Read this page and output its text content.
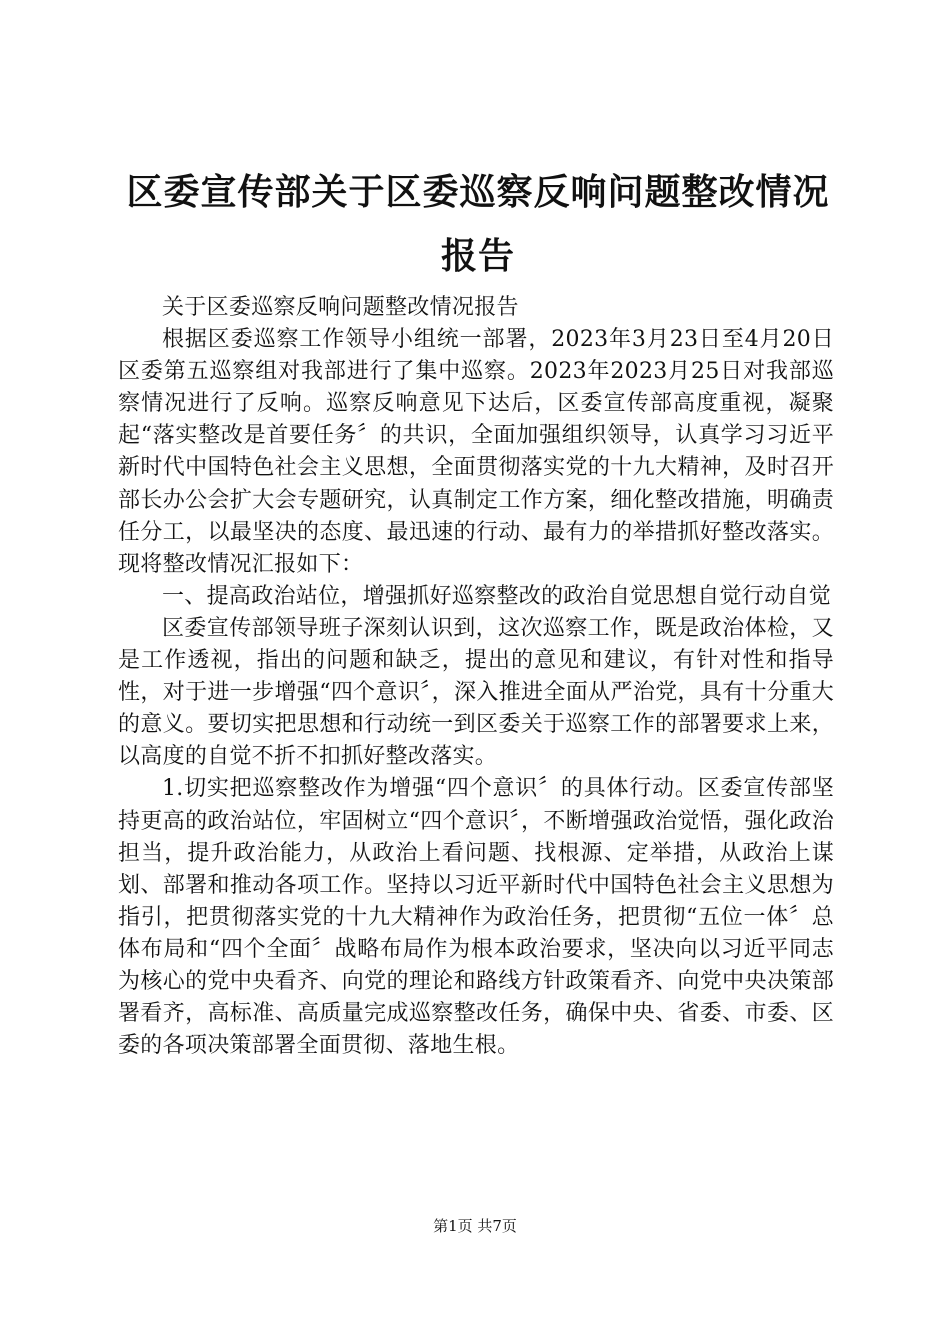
区委宣传部关于区委巡察反响问题整改情况报告

关于区委巡察反响问题整改情况报告

根据区委巡察工作领导小组统一部署，2023年3月23日至4月20日区委第五巡察组对我部进行了集中巡察。2023年2023月25日对我部巡察情况进行了反响。巡察反响意见下达后，区委宣传部高度重视，凝聚起“落实整改是首要任务〞的共识，全面加强组织领导，认真学习习近平新时代中国特色社会主义思想，全面贯彻落实党的十九大精神，及时召开部长办公会扩大会专题研究，认真制定工作方案，细化整改措施，明确责任分工，以最坚决的态度、最迅速的行动、最有力的举措抓好整改落实。现将整改情况汇报如下：

一、提高政治站位，增强抓好巡察整改的政治自觉思想自觉行动自觉

区委宣传部领导班子深刻认识到，这次巡察工作，既是政治体检，又是工作透视，指出的问题和缺乏，提出的意见和建议，有针对性和指导性，对于进一步增强“四个意识〞，深入推进全面从严治党，具有十分重大的意义。要切实把思想和行动统一到区委关于巡察工作的部署要求上来，以高度的自觉不折不扣抓好整改落实。

1.切实把巡察整改作为增强“四个意识〞的具体行动。区委宣传部坚持更高的政治站位，牢固树立“四个意识〞，不断增强政治觉悟，强化政治担当，提升政治能力，从政治上看问题、找根源、定举措，从政治上谋划、部署和推动各项工作。坚持以习近平新时代中国特色社会主义思想为指引，把贯彻落实党的十九大精神作为政治任务，把贯彻“五位一体〞总体布局和“四个全面〞战略布局作为根本政治要求，坚决向以习近平同志为核心的党中央看齐、向党的理论和路线方针政策看齐、向党中央决策部署看齐，高标准、高质量完成巡察整改任务，确保中央、省委、市委、区委的各项决策部署全面贯彻、落地生根。

第1页 共7页
